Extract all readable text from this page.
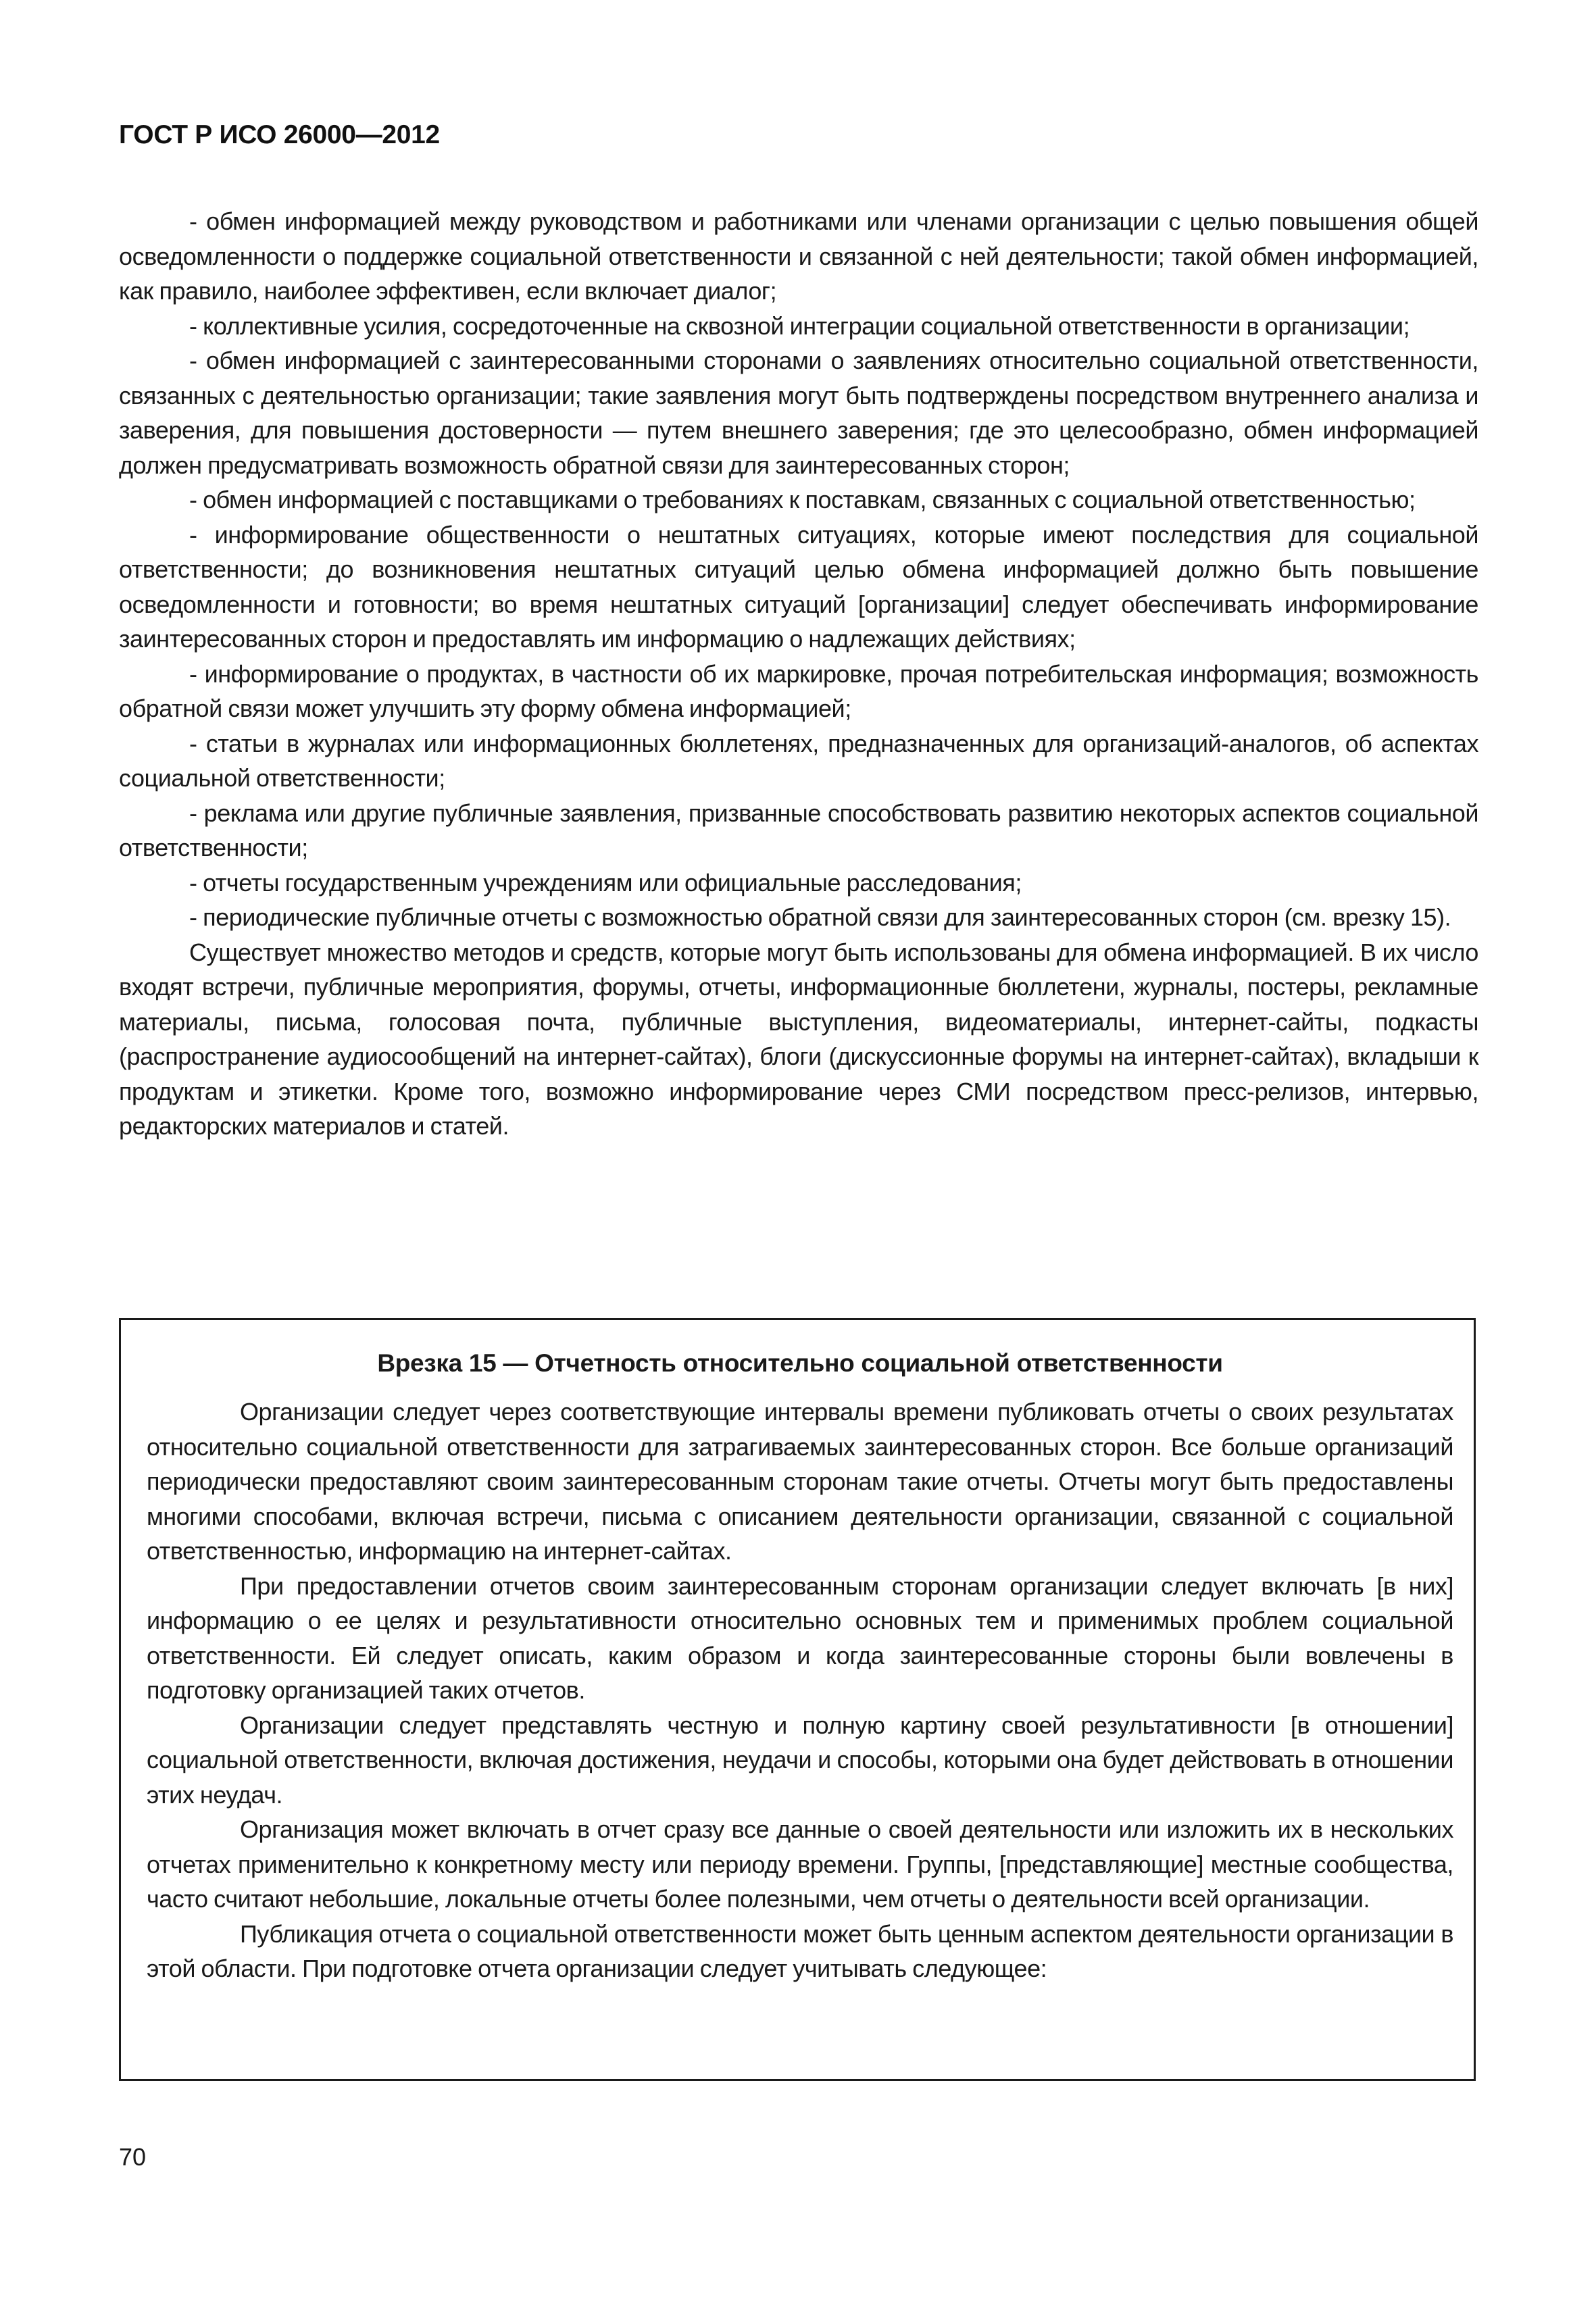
ГОСТ Р ИСО 26000—2012

- обмен информацией между руководством и работниками или членами организации с целью повышения общей осведомленности о поддержке социальной ответственности и связанной с ней деятельности; такой обмен информацией, как правило, наиболее эффективен, если включает диалог;

- коллективные усилия, сосредоточенные на сквозной интеграции социальной ответственности в организации;

- обмен информацией с заинтересованными сторонами о заявлениях относительно социальной ответственности, связанных с деятельностью организации; такие заявления могут быть подтверждены посредством внутреннего анализа и заверения, для повышения достоверности — путем внешнего заверения; где это целесообразно, обмен информацией должен предусматривать возможность обратной связи для заинтересованных сторон;

- обмен информацией с поставщиками о требованиях к поставкам, связанных с социальной ответственностью;

- информирование общественности о нештатных ситуациях, которые имеют последствия для социальной ответственности; до возникновения нештатных ситуаций целью обмена информацией должно быть повышение осведомленности и готовности; во время нештатных ситуаций [организации] следует обеспечивать информирование заинтересованных сторон и предоставлять им информацию о надлежащих действиях;

- информирование о продуктах, в частности об их маркировке, прочая потребительская информация; возможность обратной связи может улучшить эту форму обмена информацией;

- статьи в журналах или информационных бюллетенях, предназначенных для организаций-аналогов, об аспектах социальной ответственности;

- реклама или другие публичные заявления, призванные способствовать развитию некоторых аспектов социальной ответственности;

- отчеты государственным учреждениям или официальные расследования;

- периодические публичные отчеты с возможностью обратной связи для заинтересованных сторон (см. врезку 15).

Существует множество методов и средств, которые могут быть использованы для обмена информацией. В их число входят встречи, публичные мероприятия, форумы, отчеты, информационные бюллетени, журналы, постеры, рекламные материалы, письма, голосовая почта, публичные выступления, видеоматериалы, интернет-сайты, подкасты (распространение аудиосообщений на интернет-сайтах), блоги (дискуссионные форумы на интернет-сайтах), вкладыши к продуктам и этикетки. Кроме того, возможно информирование через СМИ посредством пресс-релизов, интервью, редакторских материалов и статей.

Врезка 15 — Отчетность относительно социальной ответственности

Организации следует через соответствующие интервалы времени публиковать отчеты о своих результатах относительно социальной ответственности для затрагиваемых заинтересованных сторон. Все больше организаций периодически предоставляют своим заинтересованным сторонам такие отчеты. Отчеты могут быть предоставлены многими способами, включая встречи, письма с описанием деятельности организации, связанной с социальной ответственностью, информацию на интернет-сайтах.

При предоставлении отчетов своим заинтересованным сторонам организации следует включать [в них] информацию о ее целях и результативности относительно основных тем и применимых проблем социальной ответственности. Ей следует описать, каким образом и когда заинтересованные стороны были вовлечены в подготовку организацией таких отчетов.

Организации следует представлять честную и полную картину своей результативности [в отношении] социальной ответственности, включая достижения, неудачи и способы, которыми она будет действовать в отношении этих неудач.

Организация может включать в отчет сразу все данные о своей деятельности или изложить их в нескольких отчетах применительно к конкретному месту или периоду времени. Группы, [представляющие] местные сообщества, часто считают небольшие, локальные отчеты более полезными, чем отчеты о деятельности всей организации.

Публикация отчета о социальной ответственности может быть ценным аспектом деятельности организации в этой области. При подготовке отчета организации следует учитывать следующее:

70
